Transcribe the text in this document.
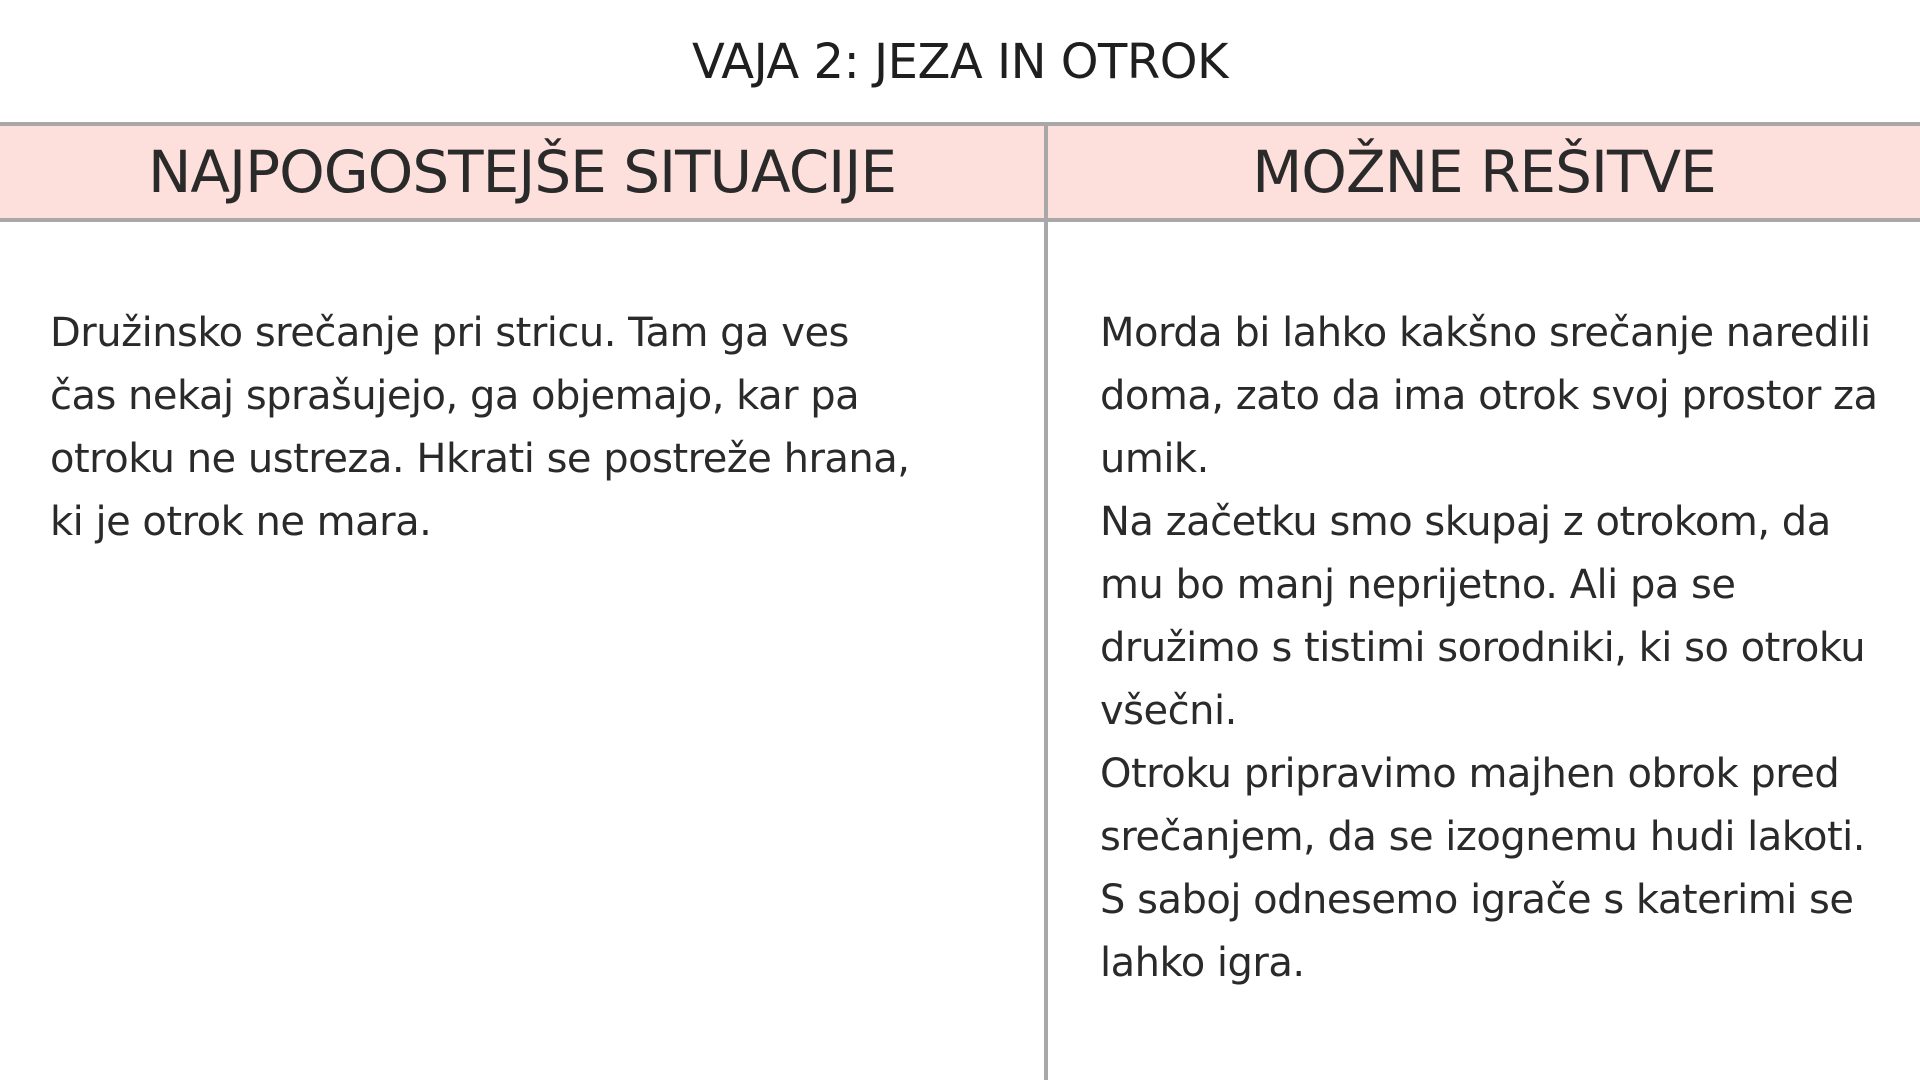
VAJA 2: JEZA IN OTROK
NAJPOGOSTEJŠE SITUACIJE	MOŽNE REŠITVE

Družinsko srečanje pri stricu. Tam ga ves čas nekaj sprašujejo, ga objemajo, kar pa otroku ne ustreza. Hkrati se postreže hrana, ki je otrok ne mara.

Morda bi lahko kakšno srečanje naredili doma, zato da ima otrok svoj prostor za umik.

Na začetku smo skupaj z otrokom, da mu bo manj neprijetno. Ali pa se družimo s tistimi sorodniki, ki so otroku všečni.

Otroku pripravimo majhen obrok pred srečanjem, da se izognemu hudi lakoti.

S saboj odnesemo igrače s katerimi se lahko igra.
